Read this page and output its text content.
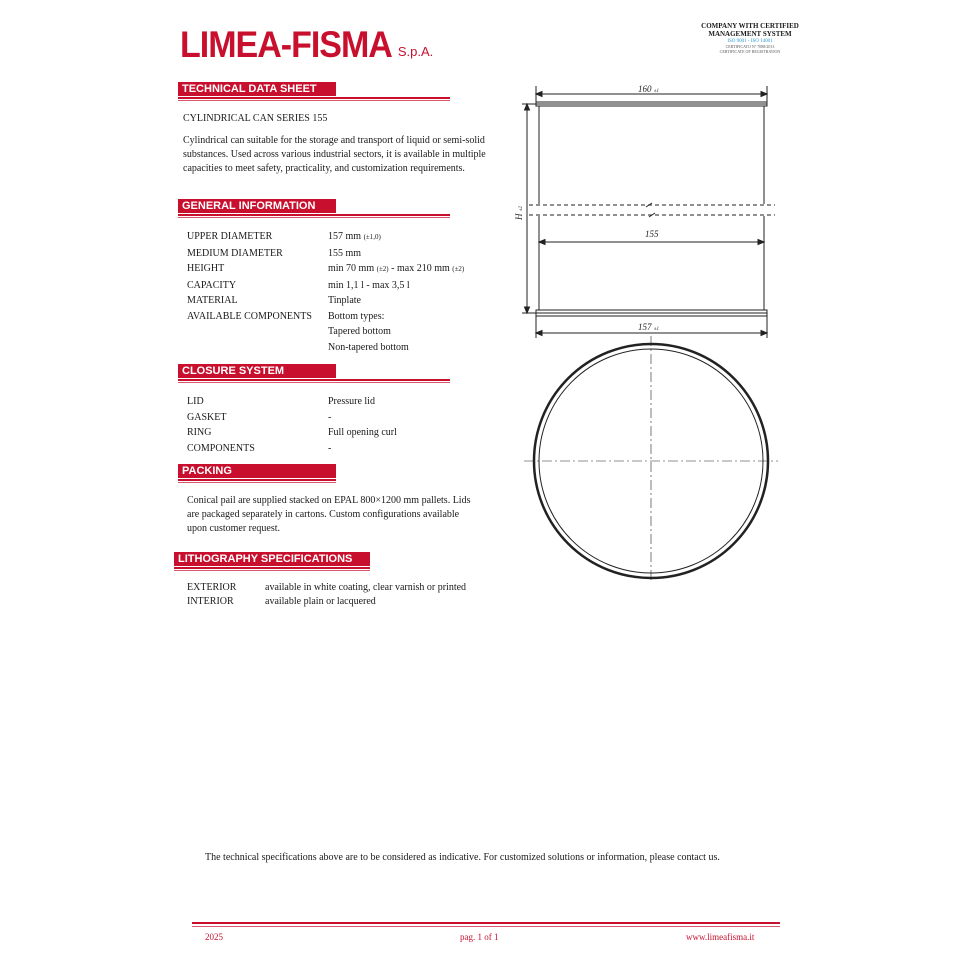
LIMEA-FISMA S.p.A.
COMPANY WITH CERTIFIED MANAGEMENT SYSTEM
ISO 9001 - ISO 14001
CERTIFICATO N° 7088/2013
CERTIFICATE OF REGISTRATION
TECHNICAL DATA SHEET
CYLINDRICAL CAN SERIES 155
Cylindrical can suitable for the storage and transport of liquid or semi-solid substances. Used across various industrial sectors, it is available in multiple capacities to meet safety, practicality, and customization requirements.
GENERAL INFORMATION
UPPER DIAMETER	157 mm (±1,0)
MEDIUM DIAMETER	155 mm
HEIGHT	min 70 mm (±2) - max 210 mm (±2)
CAPACITY	min 1,1 l - max 3,5 l
MATERIAL	Tinplate
AVAILABLE COMPONENTS	Bottom types:
Tapered bottom
Non-tapered bottom
CLOSURE SYSTEM
LID	Pressure lid
GASKET	-
RING	Full opening curl
COMPONENTS	-
PACKING
Conical pail are supplied stacked on EPAL 800×1200 mm pallets. Lids are packaged separately in cartons. Custom configurations available upon customer request.
LITHOGRAPHY SPECIFICATIONS
EXTERIOR	available in white coating, clear varnish or printed
INTERIOR	available plain or lacquered
160 ±1
155
157 ±1
H ±2
The technical specifications above are to be considered as indicative. For customized solutions or information, please contact us.
2025	pag. 1 of 1	www.limeafisma.it
